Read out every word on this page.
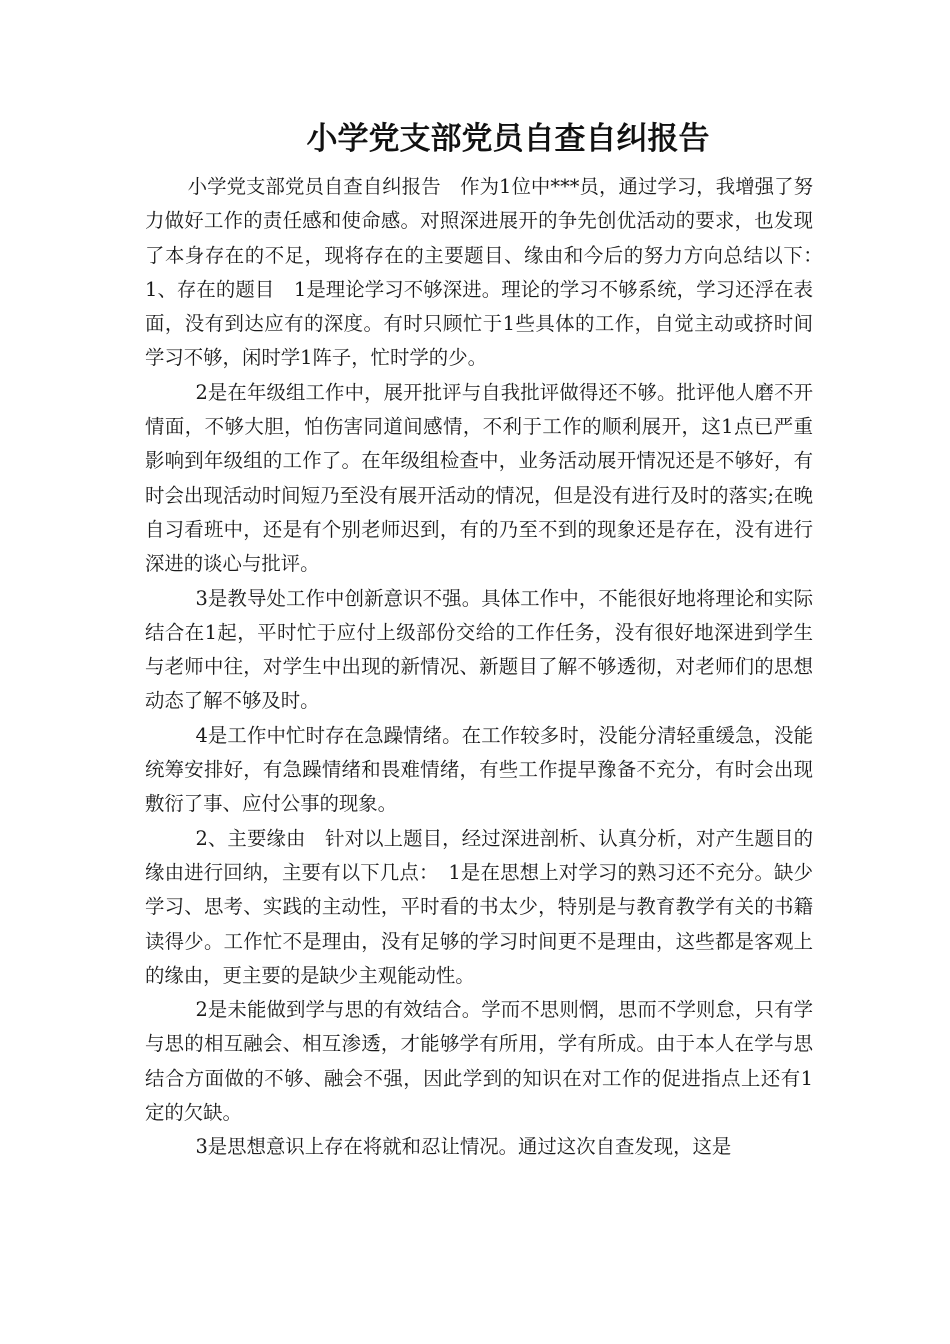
小学党支部党员自查自纠报告

小学党支部党员自查自纠报告　作为1位中***员，通过学习，我增强了努力做好工作的责任感和使命感。对照深进展开的争先创优活动的要求，也发现了本身存在的不足，现将存在的主要题目、缘由和今后的努力方向总结以下：　1、存在的题目　1是理论学习不够深进。理论的学习不够系统，学习还浮在表面，没有到达应有的深度。有时只顾忙于1些具体的工作，自觉主动或挤时间学习不够，闲时学1阵子，忙时学的少。

2是在年级组工作中，展开批评与自我批评做得还不够。批评他人磨不开情面，不够大胆，怕伤害同道间感情，不利于工作的顺利展开，这1点已严重影响到年级组的工作了。在年级组检查中，业务活动展开情况还是不够好，有时会出现活动时间短乃至没有展开活动的情况，但是没有进行及时的落实;在晚自习看班中，还是有个别老师迟到，有的乃至不到的现象还是存在，没有进行深进的谈心与批评。

3是教导处工作中创新意识不强。具体工作中，不能很好地将理论和实际结合在1起，平时忙于应付上级部份交给的工作任务，没有很好地深进到学生与老师中往，对学生中出现的新情况、新题目了解不够透彻，对老师们的思想动态了解不够及时。

4是工作中忙时存在急躁情绪。在工作较多时，没能分清轻重缓急，没能统筹安排好，有急躁情绪和畏难情绪，有些工作提早豫备不充分，有时会出现敷衍了事、应付公事的现象。

2、主要缘由　针对以上题目，经过深进剖析、认真分析，对产生题目的缘由进行回纳，主要有以下几点：　1是在思想上对学习的熟习还不充分。缺少学习、思考、实践的主动性，平时看的书太少，特别是与教育教学有关的书籍读得少。工作忙不是理由，没有足够的学习时间更不是理由，这些都是客观上的缘由，更主要的是缺少主观能动性。

2是未能做到学与思的有效结合。学而不思则惘，思而不学则怠，只有学与思的相互融会、相互渗透，才能够学有所用，学有所成。由于本人在学与思结合方面做的不够、融会不强，因此学到的知识在对工作的促进指点上还有1定的欠缺。

3是思想意识上存在将就和忍让情况。通过这次自查发现，这是
